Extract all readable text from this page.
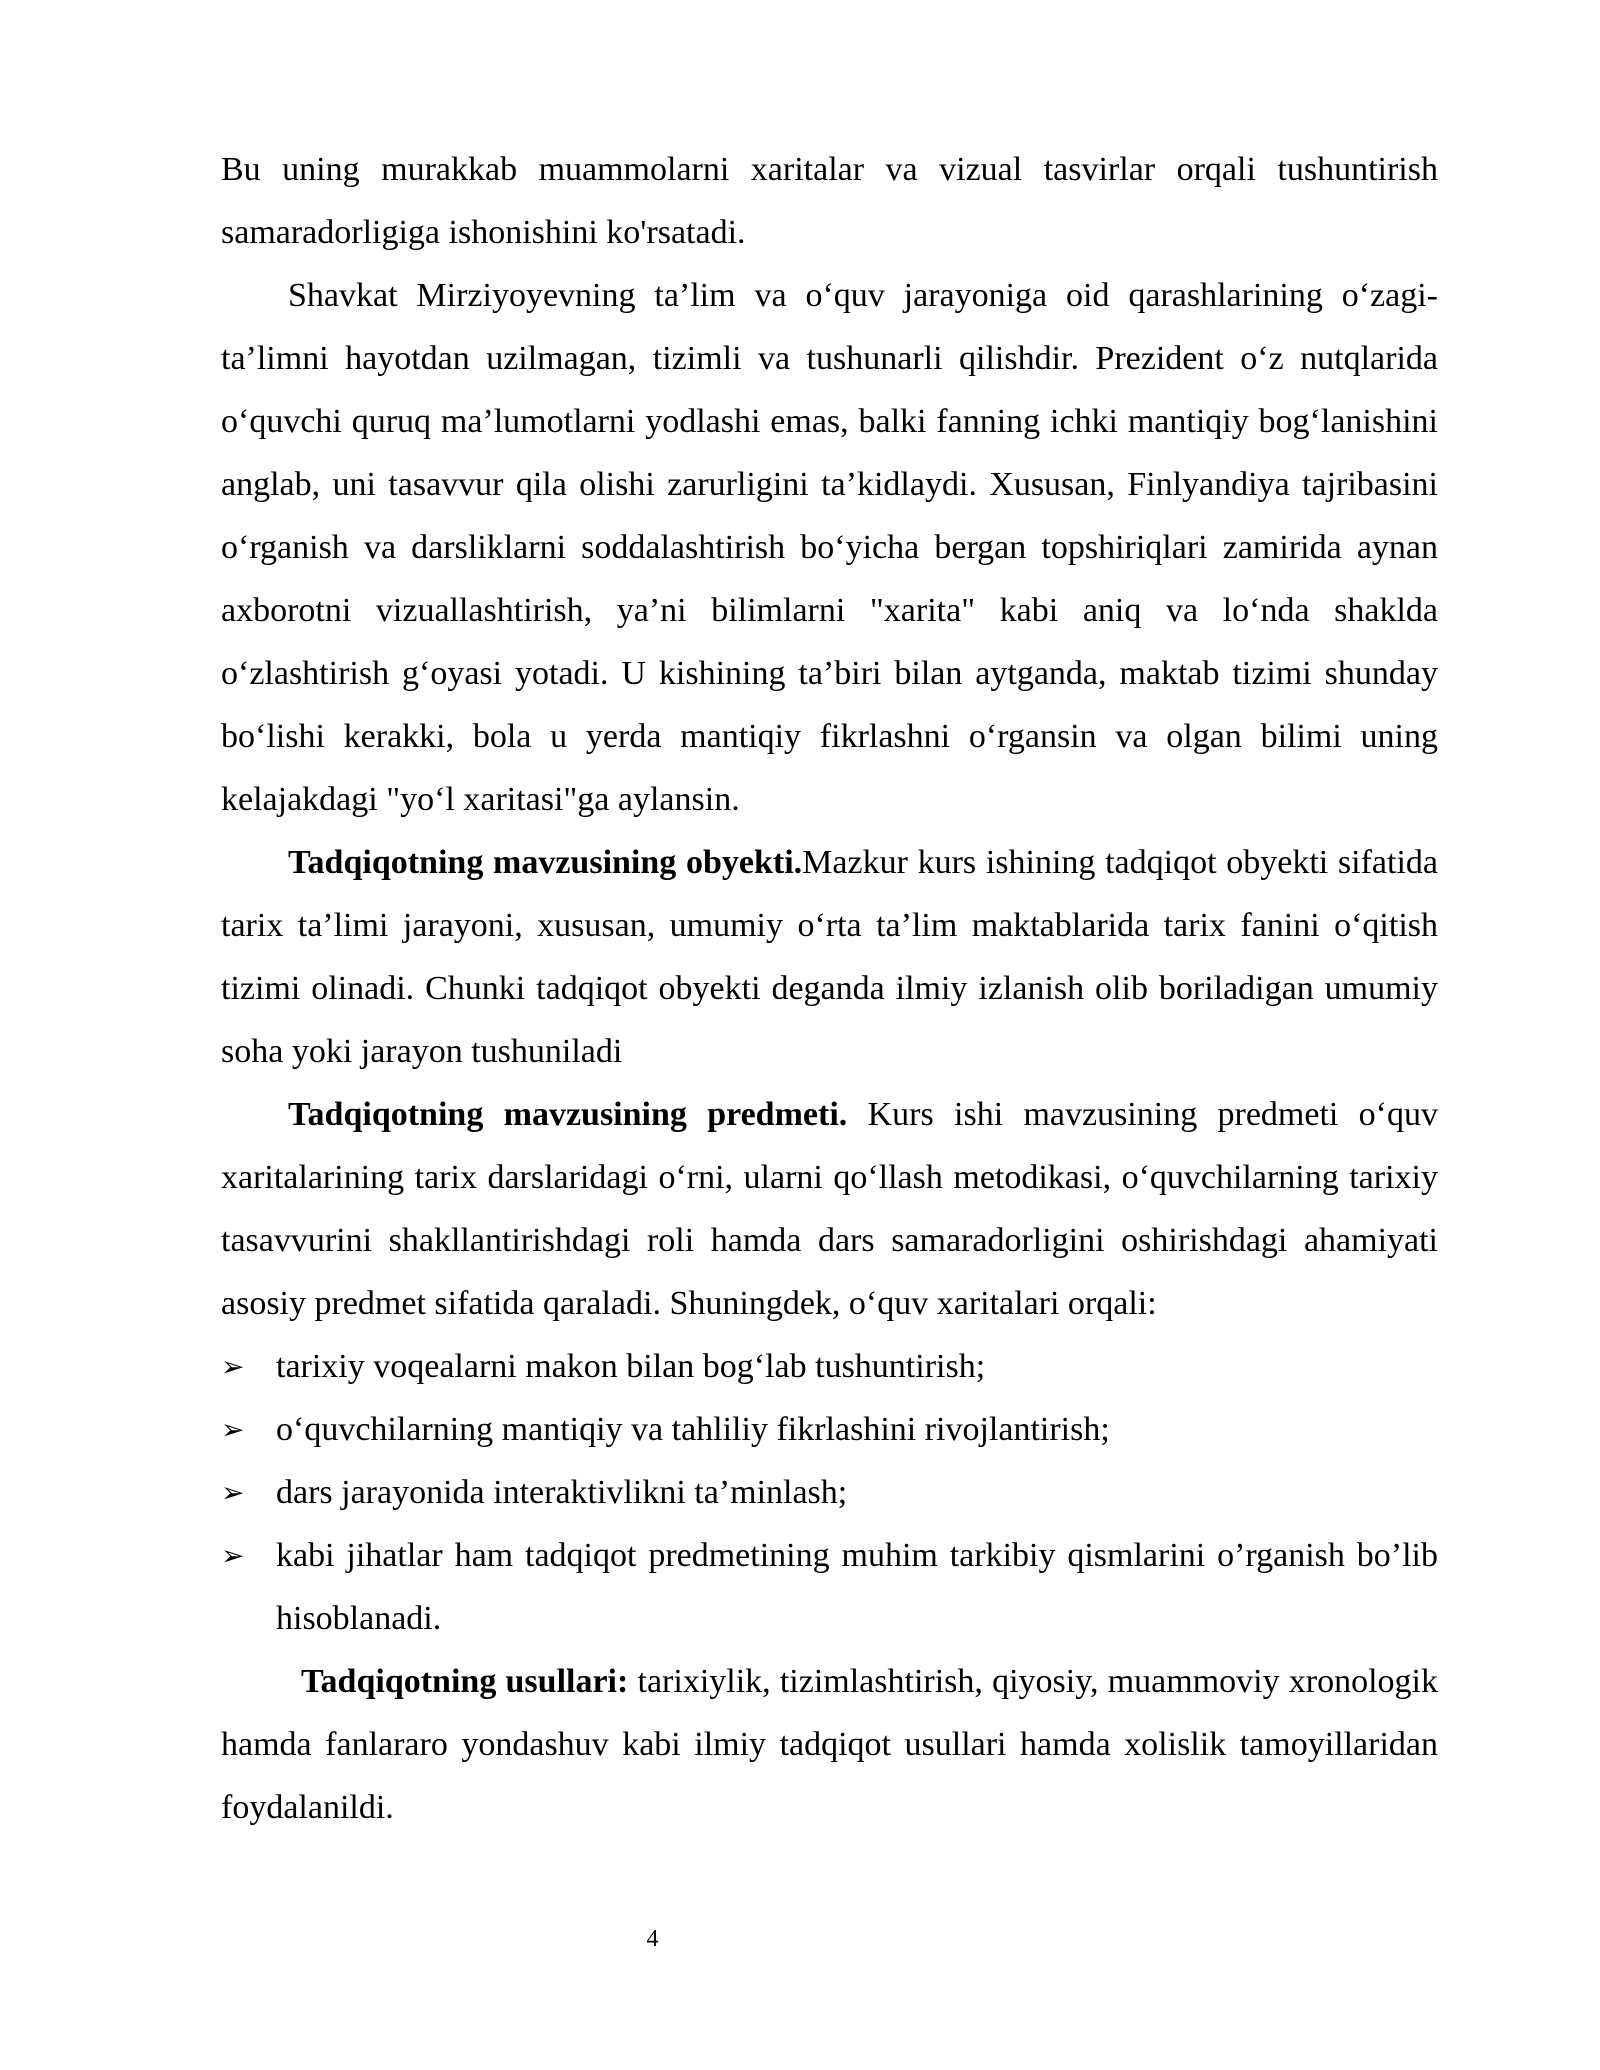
Bu uning murakkab muammolarni xaritalar va vizual tasvirlar orqali tushuntirish samaradorligiga ishonishini ko'rsatadi.

Shavkat Mirziyoyevning ta’lim va o‘quv jarayoniga oid qarashlarining o‘zagi-ta’limni hayotdan uzilmagan, tizimli va tushunarli qilishdir. Prezident o‘z nutqlarida o‘quvchi quruq ma’lumotlarni yodlashi emas, balki fanning ichki mantiqiy bog‘lanishini anglab, uni tasavvur qila olishi zarurligini ta’kidlaydi. Xususan, Finlyandiya tajribasini o‘rganish va darsliklarni soddalashtirish bo‘yicha bergan topshiriqlari zamirida aynan axborotni vizuallashtirish, ya’ni bilimlarni "xarita" kabi aniq va lo‘nda shaklda o‘zlashtirish g‘oyasi yotadi. U kishining ta’biri bilan aytganda, maktab tizimi shunday bo‘lishi kerakki, bola u yerda mantiqiy fikrlashni o‘rgansin va olgan bilimi uning kelajakdagi "yo‘l xaritasi"ga aylansin.

Tadqiqotning mavzusining obyekti.Mazkur kurs ishining tadqiqot obyekti sifatida tarix ta’limi jarayoni, xususan, umumiy o‘rta ta’lim maktablarida tarix fanini o‘qitish tizimi olinadi. Chunki tadqiqot obyekti deganda ilmiy izlanish olib boriladigan umumiy soha yoki jarayon tushuniladi

Tadqiqotning mavzusining predmeti. Kurs ishi mavzusining predmeti o‘quv xaritalarining tarix darslaridagi o‘rni, ularni qo‘llash metodikasi, o‘quvchilarning tarixiy tasavvurini shakllantirishdagi roli hamda dars samaradorligini oshirishdagi ahamiyati asosiy predmet sifatida qaraladi. Shuningdek, o‘quv xaritalari orqali:

➢ tarixiy voqealarni makon bilan bog‘lab tushuntirish;
➢ o‘quvchilarning mantiqiy va tahliliy fikrlashini rivojlantirish;
➢ dars jarayonida interaktivlikni ta’minlash;
➢ kabi jihatlar ham tadqiqot predmetining muhim tarkibiy qismlarini o’rganish bo’lib hisoblanadi.

Tadqiqotning usullari: tarixiylik, tizimlashtirish, qiyosiy, muammoviy xronologik hamda fanlararo yondashuv kabi ilmiy tadqiqot usullari hamda xolislik tamoyillaridan foydalanildi.

4
